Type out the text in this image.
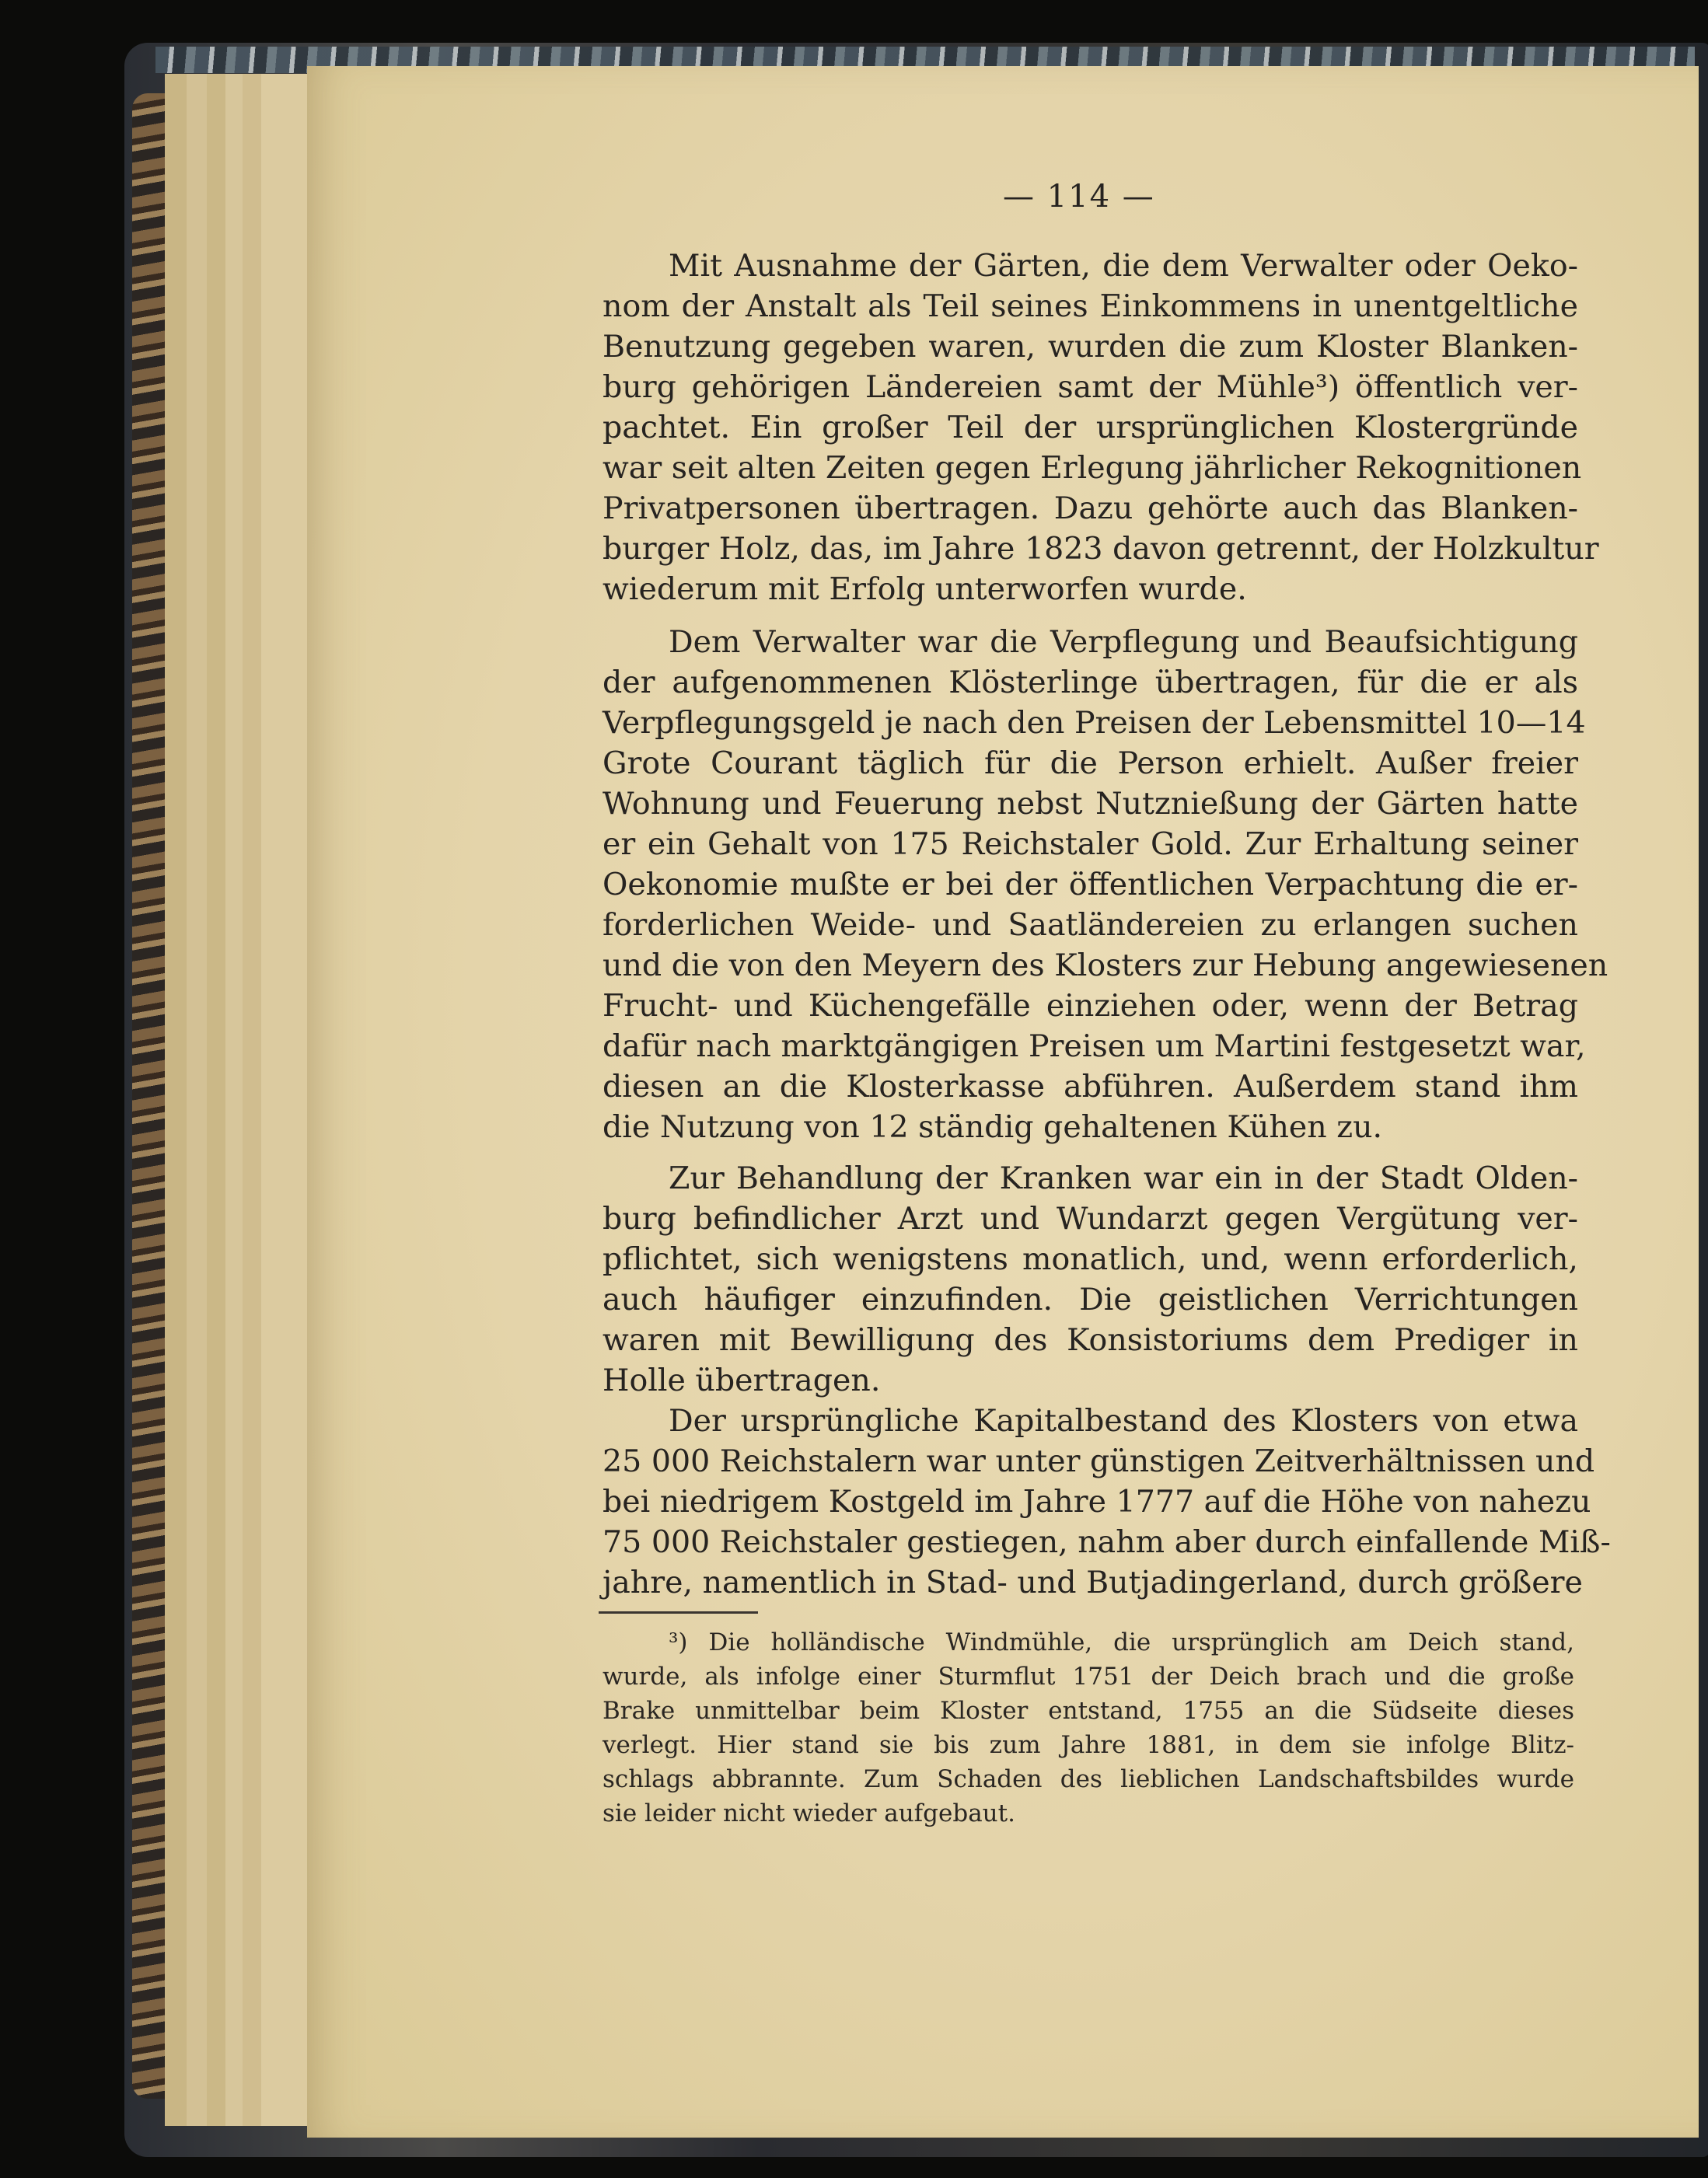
— 114 —
Mit Ausnahme der Gärten, die dem Verwalter oder Oeko-
nom der Anstalt als Teil seines Einkommens in unentgeltliche
Benutzung gegeben waren, wurden die zum Kloster Blanken-
burg gehörigen Ländereien samt der Mühle³) öffentlich ver-
pachtet. Ein großer Teil der ursprünglichen Klostergründe
war seit alten Zeiten gegen Erlegung jährlicher Rekognitionen
Privatpersonen übertragen. Dazu gehörte auch das Blanken-
burger Holz, das, im Jahre 1823 davon getrennt, der Holzkultur
wiederum mit Erfolg unterworfen wurde.
Dem Verwalter war die Verpflegung und Beaufsichtigung
der aufgenommenen Klösterlinge übertragen, für die er als
Verpflegungsgeld je nach den Preisen der Lebensmittel 10—14
Grote Courant täglich für die Person erhielt. Außer freier
Wohnung und Feuerung nebst Nutznießung der Gärten hatte
er ein Gehalt von 175 Reichstaler Gold. Zur Erhaltung seiner
Oekonomie mußte er bei der öffentlichen Verpachtung die er-
forderlichen Weide- und Saatländereien zu erlangen suchen
und die von den Meyern des Klosters zur Hebung angewiesenen
Frucht- und Küchengefälle einziehen oder, wenn der Betrag
dafür nach marktgängigen Preisen um Martini festgesetzt war,
diesen an die Klosterkasse abführen. Außerdem stand ihm
die Nutzung von 12 ständig gehaltenen Kühen zu.
Zur Behandlung der Kranken war ein in der Stadt Olden-
burg befindlicher Arzt und Wundarzt gegen Vergütung ver-
pflichtet, sich wenigstens monatlich, und, wenn erforderlich,
auch häufiger einzufinden. Die geistlichen Verrichtungen
waren mit Bewilligung des Konsistoriums dem Prediger in
Holle übertragen.
Der ursprüngliche Kapitalbestand des Klosters von etwa
25 000 Reichstalern war unter günstigen Zeitverhältnissen und
bei niedrigem Kostgeld im Jahre 1777 auf die Höhe von nahezu
75 000 Reichstaler gestiegen, nahm aber durch einfallende Miß-
jahre, namentlich in Stad- und Butjadingerland, durch größere
³) Die holländische Windmühle, die ursprünglich am Deich stand,
wurde, als infolge einer Sturmflut 1751 der Deich brach und die große
Brake unmittelbar beim Kloster entstand, 1755 an die Südseite dieses
verlegt. Hier stand sie bis zum Jahre 1881, in dem sie infolge Blitz-
schlags abbrannte. Zum Schaden des lieblichen Landschaftsbildes wurde
sie leider nicht wieder aufgebaut.
